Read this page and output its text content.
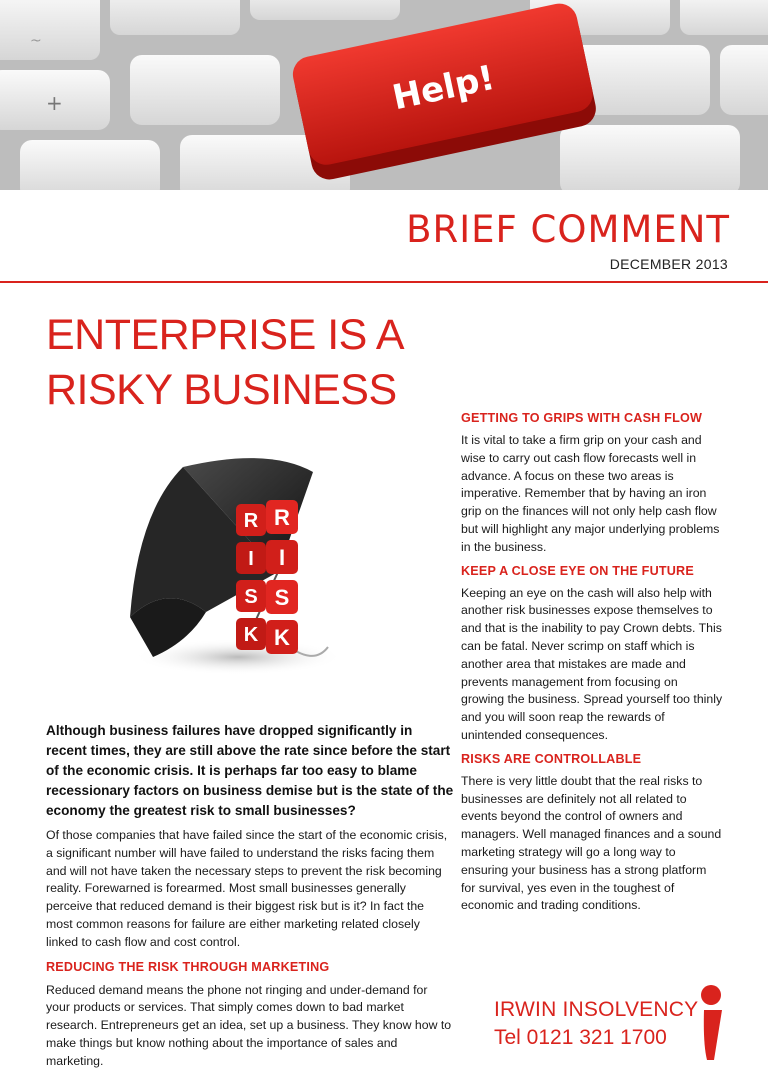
+
~
Help!
BRIEF COMMENT
DECEMBER 2013
ENTERPRISE IS A RISKY BUSINESS
R
I
S
K
R
I
S
K

Although business failures have dropped significantly in recent times, they are still above the rate since before the start of the economic crisis. It is perhaps far too easy to blame recessionary factors on business demise but is the state of the economy the greatest risk to small businesses?

Of those companies that have failed since the start of the economic crisis, a significant number will have failed to understand the risks facing them and will not have taken the necessary steps to prevent the risk becoming reality. Forewarned is forearmed. Most small businesses generally perceive that reduced demand is their biggest risk but is it? In fact the most common reasons for failure are either marketing related closely linked to cash flow and cost control.

REDUCING THE RISK THROUGH MARKETING

Reduced demand means the phone not ringing and under-demand for your products or services. That simply comes down to bad market research. Entrepreneurs get an idea, set up a business. They know how to make things but know nothing about the importance of sales and marketing.

GETTING TO GRIPS WITH CASH FLOW

It is vital to take a firm grip on your cash and wise to carry out cash flow forecasts well in advance. A focus on these two areas is imperative. Remember that by having an iron grip on the finances will not only help cash flow but will highlight any major underlying problems in the business.

KEEP A CLOSE EYE ON THE FUTURE

Keeping an eye on the cash will also help with another risk businesses expose themselves to and that is the inability to pay Crown debts. This can be fatal. Never scrimp on staff which is another area that mistakes are made and prevents management from focusing on growing the business. Spread yourself too thinly and you will soon reap the rewards of unintended consequences.

RISKS ARE CONTROLLABLE

There is very little doubt that the real risks to businesses are definitely not all related to events beyond the control of owners and managers. Well managed finances and a sound marketing strategy will go a long way to ensuring your business has a strong platform for survival, yes even in the toughest of economic and trading conditions.

IRWIN INSOLVENCY
Tel 0121 321 1700
